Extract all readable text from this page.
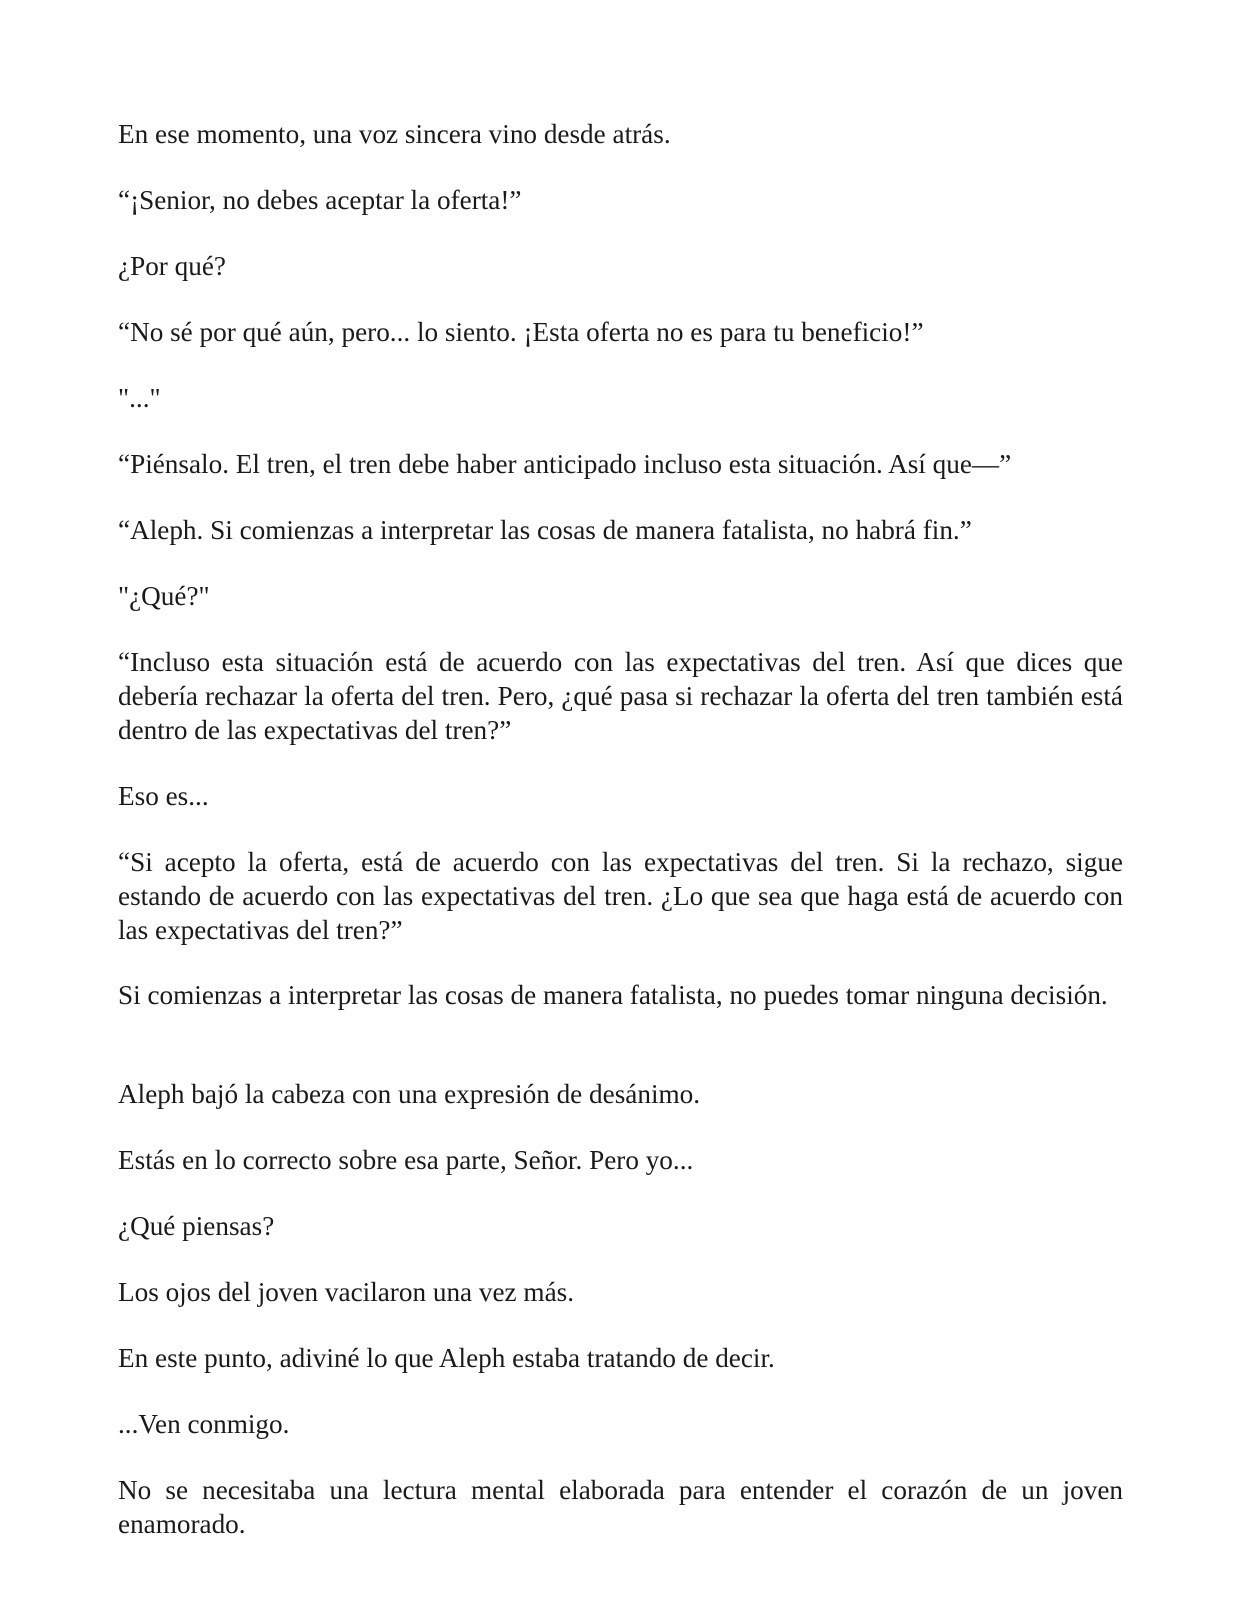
En ese momento, una voz sincera vino desde atrás.

“¡Senior, no debes aceptar la oferta!”

¿Por qué?

“No sé por qué aún, pero... lo siento. ¡Esta oferta no es para tu beneficio!”

"..."

“Piénsalo. El tren, el tren debe haber anticipado incluso esta situación. Así que—”

“Aleph. Si comienzas a interpretar las cosas de manera fatalista, no habrá fin.”

"¿Qué?"

“Incluso esta situación está de acuerdo con las expectativas del tren. Así que dices que debería rechazar la oferta del tren. Pero, ¿qué pasa si rechazar la oferta del tren también está dentro de las expectativas del tren?”

Eso es...

“Si acepto la oferta, está de acuerdo con las expectativas del tren. Si la rechazo, sigue estando de acuerdo con las expectativas del tren. ¿Lo que sea que haga está de acuerdo con las expectativas del tren?”

Si comienzas a interpretar las cosas de manera fatalista, no puedes tomar ninguna decisión.

Aleph bajó la cabeza con una expresión de desánimo.

Estás en lo correcto sobre esa parte, Señor. Pero yo...

¿Qué piensas?

Los ojos del joven vacilaron una vez más.

En este punto, adiviné lo que Aleph estaba tratando de decir.

...Ven conmigo.

No se necesitaba una lectura mental elaborada para entender el corazón de un joven enamorado.
